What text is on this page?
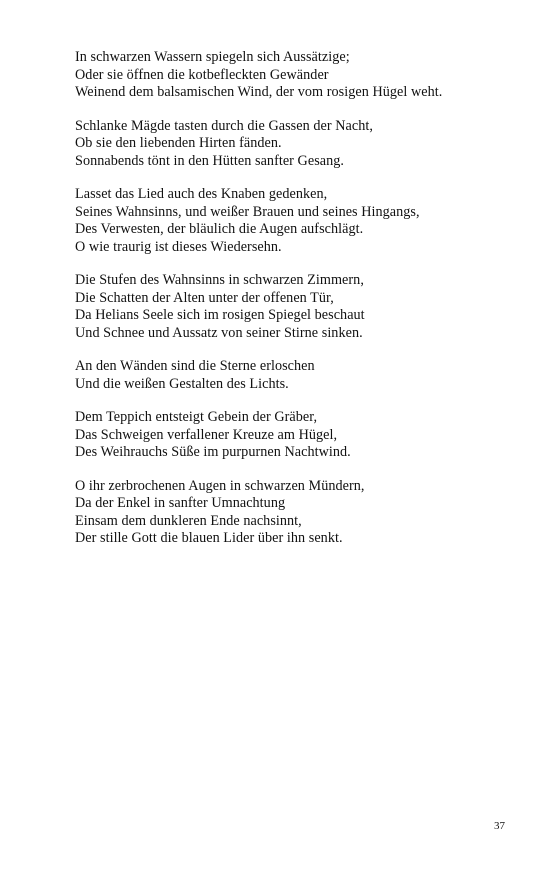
In schwarzen Wassern spiegeln sich Aussätzige;
Oder sie öffnen die kotbefleckten Gewänder
Weinend dem balsamischen Wind, der vom rosigen Hügel weht.
Schlanke Mägde tasten durch die Gassen der Nacht,
Ob sie den liebenden Hirten fänden.
Sonnabends tönt in den Hütten sanfter Gesang.
Lasset das Lied auch des Knaben gedenken,
Seines Wahnsinns, und weißer Brauen und seines Hingangs,
Des Verwesten, der bläulich die Augen aufschlägt.
O wie traurig ist dieses Wiedersehn.
Die Stufen des Wahnsinns in schwarzen Zimmern,
Die Schatten der Alten unter der offenen Tür,
Da Helians Seele sich im rosigen Spiegel beschaut
Und Schnee und Aussatz von seiner Stirne sinken.
An den Wänden sind die Sterne erloschen
Und die weißen Gestalten des Lichts.
Dem Teppich entsteigt Gebein der Gräber,
Das Schweigen verfallener Kreuze am Hügel,
Des Weihrauchs Süße im purpurnen Nachtwind.
O ihr zerbrochenen Augen in schwarzen Mündern,
Da der Enkel in sanfter Umnachtung
Einsam dem dunkleren Ende nachsinnt,
Der stille Gott die blauen Lider über ihn senkt.
37
